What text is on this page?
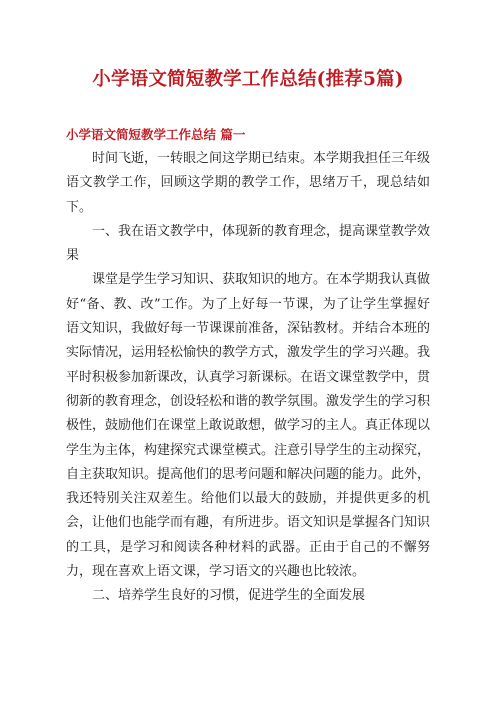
小学语文简短教学工作总结(推荐5篇)
小学语文简短教学工作总结 篇一

时间飞逝，一转眼之间这学期已结束。本学期我担任三年级语文教学工作，回顾这学期的教学工作，思绪万千，现总结如下。

一、我在语文教学中，体现新的教育理念，提高课堂教学效果

课堂是学生学习知识、获取知识的地方。在本学期我认真做好“备、教、改”工作。为了上好每一节课，为了让学生掌握好语文知识，我做好每一节课课前准备，深钻教材。并结合本班的实际情况，运用轻松愉快的教学方式，激发学生的学习兴趣。我平时积极参加新课改，认真学习新课标。在语文课堂教学中，贯彻新的教育理念，创设轻松和谐的教学氛围。激发学生的学习积极性，鼓励他们在课堂上敢说敢想，做学习的主人。真正体现以学生为主体，构建探究式课堂模式。注意引导学生的主动探究，自主获取知识。提高他们的思考问题和解决问题的能力。此外，我还特别关注双差生。给他们以最大的鼓励，并提供更多的机会，让他们也能学而有趣，有所进步。语文知识是掌握各门知识的工具，是学习和阅读各种材料的武器。正由于自己的不懈努力，现在喜欢上语文课，学习语文的兴趣也比较浓。

二、培养学生良好的习惯，促进学生的全面发展
